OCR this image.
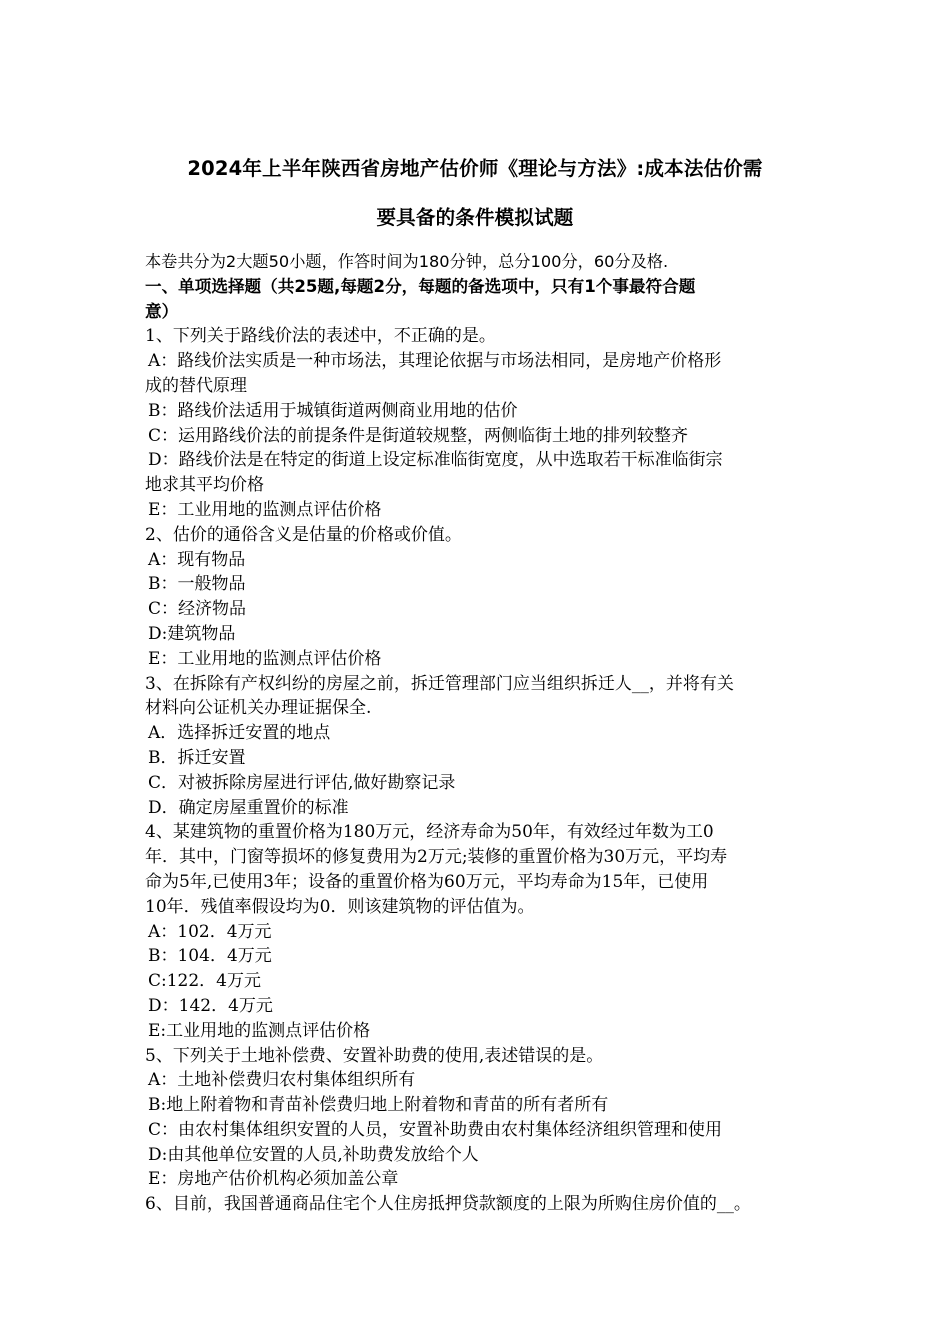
2024年上半年陕西省房地产估价师《理论与方法》:成本法估价需
要具备的条件模拟试题
本卷共分为2大题50小题，作答时间为180分钟，总分100分，60分及格.
一、单项选择题（共25题,每题2分，每题的备选项中，只有1个事最符合题
意）
1、下列关于路线价法的表述中，不正确的是。
A：路线价法实质是一种市场法，其理论依据与市场法相同，是房地产价格形
成的替代原理
B：路线价法适用于城镇街道两侧商业用地的估价
C：运用路线价法的前提条件是街道较规整，两侧临街土地的排列较整齐
D：路线价法是在特定的街道上设定标准临街宽度，从中选取若干标准临街宗
地求其平均价格
E：工业用地的监测点评估价格
2、估价的通俗含义是估量的价格或价值。
A：现有物品
B：一般物品
C：经济物品
D:建筑物品
E：工业用地的监测点评估价格
3、在拆除有产权纠纷的房屋之前，拆迁管理部门应当组织拆迁人__，并将有关
材料向公证机关办理证据保全.
A．选择拆迁安置的地点
B．拆迁安置
C．对被拆除房屋进行评估,做好勘察记录
D．确定房屋重置价的标准
4、某建筑物的重置价格为180万元，经济寿命为50年，有效经过年数为工0
年．其中，门窗等损坏的修复费用为2万元;装修的重置价格为30万元，平均寿
命为5年,已使用3年；设备的重置价格为60万元，平均寿命为15年，已使用
10年．残值率假设均为0．则该建筑物的评估值为。
A：102．4万元
B：104．4万元
C:122．4万元
D：142．4万元
E:工业用地的监测点评估价格
5、下列关于土地补偿费、安置补助费的使用,表述错误的是。
A：土地补偿费归农村集体组织所有
B:地上附着物和青苗补偿费归地上附着物和青苗的所有者所有
C：由农村集体组织安置的人员，安置补助费由农村集体经济组织管理和使用
D:由其他单位安置的人员,补助费发放给个人
E：房地产估价机构必须加盖公章
6、目前，我国普通商品住宅个人住房抵押贷款额度的上限为所购住房价值的__。
